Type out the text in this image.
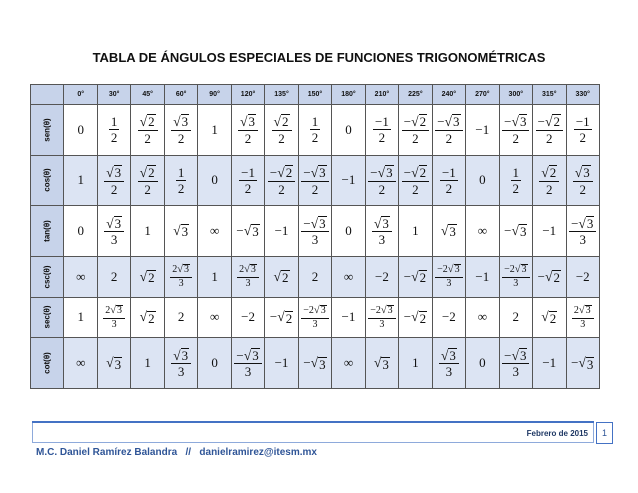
TABLA DE ÁNGULOS ESPECIALES DE FUNCIONES TRIGONOMÉTRICAS
	0°	30°	45°	60°	90°	120°	135°	150°	180°	210°	225°	240°	270°	300°	315°	330°

sen(θ)	0	$\frac{1}{2}$	$\frac{√ 2}{2}$	$\frac{√ 3}{2}$	1	$\frac{√ 3}{2}$	$\frac{√ 2}{2}$	$\frac{1}{2}$	0	$\frac{-1}{2}$	$\frac{- √ 2}{2}$	$\frac{- √ 3}{2}$	−1	$\frac{- √ 3}{2}$	$\frac{- √ 2}{2}$	$\frac{-1}{2}$

cos(θ)	1	$\frac{√ 3}{2}$	$\frac{√ 2}{2}$	$\frac{1}{2}$	0	$\frac{-1}{2}$	$\frac{- √ 2}{2}$	$\frac{- √ 3}{2}$	−1	$\frac{- √ 3}{2}$	$\frac{- √ 2}{2}$	$\frac{-1}{2}$	0	$\frac{1}{2}$	$\frac{√ 2}{2}$	$\frac{√ 3}{2}$

tan(θ)	0	$\frac{√ 3}{3}$	1	√ 3	∞	− √ 3	−1	$\frac{- √ 3}{3}$	0	$\frac{√ 3}{3}$	1	√ 3	∞	− √ 3	−1	$\frac{- √ 3}{3}$

csc(θ)	∞	2	√ 2	$\frac{2 √ 3}{3}$	1	$\frac{2 √ 3}{3}$	√ 2	2	∞	−2	− √ 2	$\frac{-2 √ 3}{3}$	−1	$\frac{-2 √ 3}{3}$	− √ 2	−2

sec(θ)	1	$\frac{2 √ 3}{3}$	√ 2	2	∞	−2	− √ 2	$\frac{-2 √ 3}{3}$	−1	$\frac{-2 √ 3}{3}$	− √ 2	−2	∞	2	√ 2	$\frac{2 √ 3}{3}$

cot(θ)	∞	√ 3	1	$\frac{√ 3}{3}$	0	$\frac{- √ 3}{3}$	−1	− √ 3	∞	√ 3	1	$\frac{√ 3}{3}$	0	$\frac{- √ 3}{3}$	−1	− √ 3
Febrero de 2015	1
M.C. Daniel Ramírez Balandra // danielramirez@itesm.mx
